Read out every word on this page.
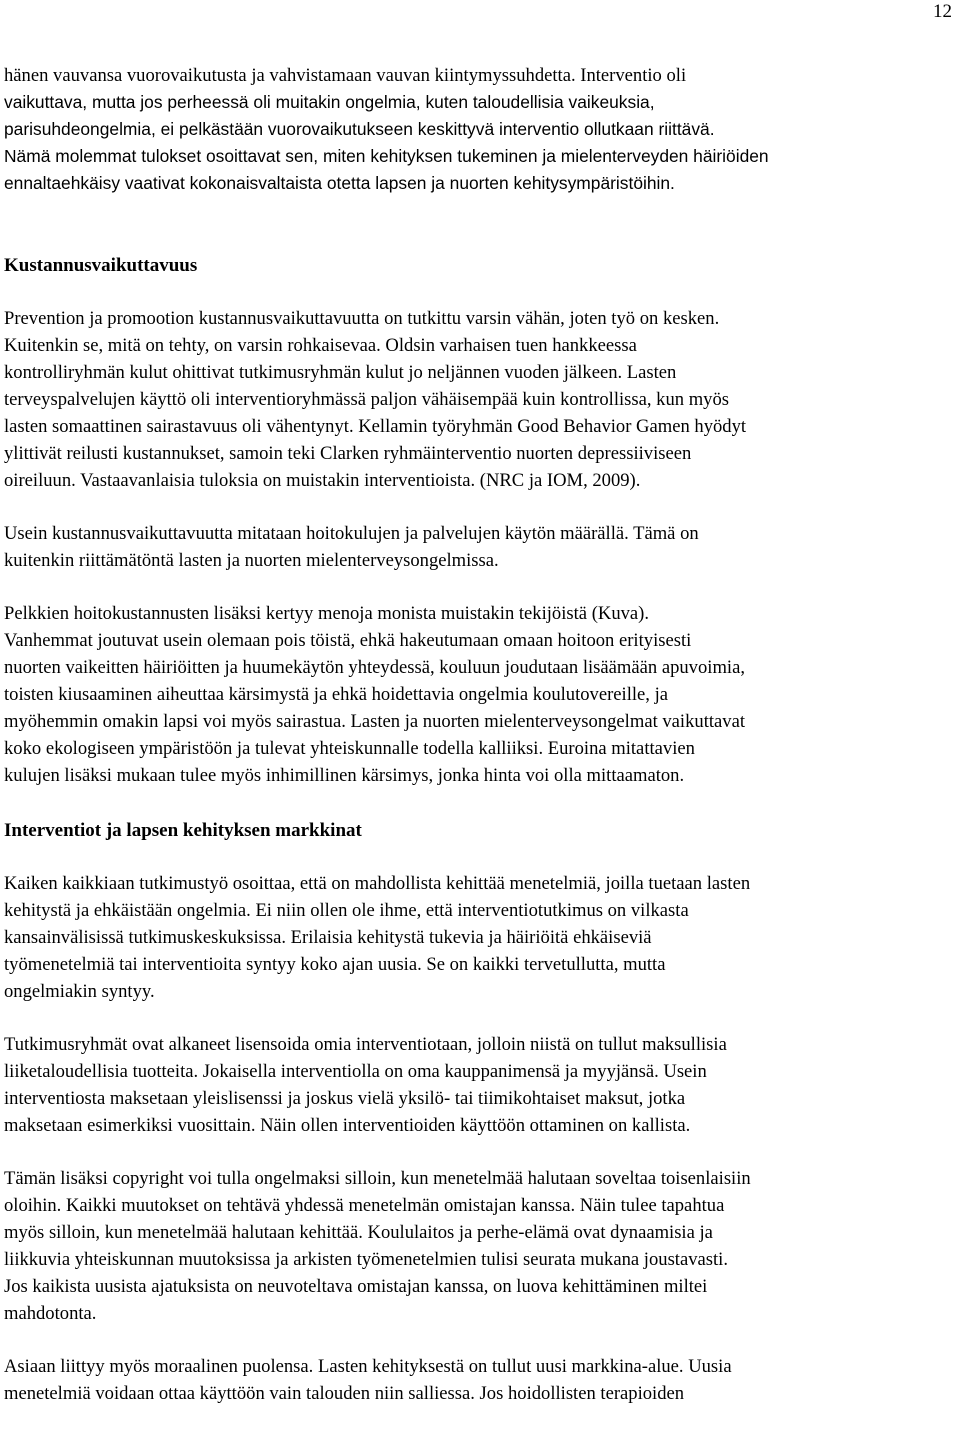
12

hänen vauvansa vuorovaikutusta ja vahvistamaan vauvan kiintymyssuhdetta. Interventio oli
vaikuttava, mutta jos perheessä oli muitakin ongelmia, kuten taloudellisia vaikeuksia,
parisuhdeongelmia, ei pelkästään vuorovaikutukseen keskittyvä interventio ollutkaan riittävä.
Nämä molemmat tulokset osoittavat sen, miten kehityksen tukeminen ja mielenterveyden häiriöiden
ennaltaehkäisy vaativat kokonaisvaltaista otetta lapsen ja nuorten kehitysympäristöihin.

Kustannusvaikuttavuus

Prevention ja promootion kustannusvaikuttavuutta on tutkittu varsin vähän, joten työ on kesken.
Kuitenkin se, mitä on tehty, on varsin rohkaisevaa. Oldsin varhaisen tuen hankkeessa
kontrolliryhmän kulut ohittivat tutkimusryhmän kulut jo neljännen vuoden jälkeen. Lasten
terveyspalvelujen käyttö oli interventioryhmässä paljon vähäisempää kuin kontrollissa, kun myös
lasten somaattinen sairastavuus oli vähentynyt. Kellamin työryhmän Good Behavior Gamen hyödyt
ylittivät reilusti kustannukset, samoin teki Clarken ryhmäinterventio nuorten depressiiviseen
oireiluun. Vastaavanlaisia tuloksia on muistakin interventioista. (NRC ja IOM, 2009).

Usein kustannusvaikuttavuutta mitataan hoitokulujen ja palvelujen käytön määrällä. Tämä on
kuitenkin riittämätöntä lasten ja nuorten mielenterveysongelmissa.

Pelkkien hoitokustannusten lisäksi kertyy menoja monista muistakin tekijöistä (Kuva).
Vanhemmat joutuvat usein olemaan pois töistä, ehkä hakeutumaan omaan hoitoon erityisesti
nuorten vaikeitten häiriöitten ja huumekäytön yhteydessä, kouluun joudutaan lisäämään apuvoimia,
toisten kiusaaminen aiheuttaa kärsimystä ja ehkä hoidettavia ongelmia koulutovereille, ja
myöhemmin omakin lapsi voi myös sairastua. Lasten ja nuorten mielenterveysongelmat vaikuttavat
koko ekologiseen ympäristöön ja tulevat yhteiskunnalle todella kalliiksi. Euroina mitattavien
kulujen lisäksi mukaan tulee myös inhimillinen kärsimys, jonka hinta voi olla mittaamaton.

Interventiot ja lapsen kehityksen markkinat

Kaiken kaikkiaan tutkimustyö osoittaa, että on mahdollista kehittää menetelmiä, joilla tuetaan lasten
kehitystä ja ehkäistään ongelmia. Ei niin ollen ole ihme, että interventiotutkimus on vilkasta
kansainvälisissä tutkimuskeskuksissa. Erilaisia kehitystä tukevia ja häiriöitä ehkäiseviä
työmenetelmiä tai interventioita syntyy koko ajan uusia. Se on kaikki tervetullutta, mutta
ongelmiakin syntyy.

Tutkimusryhmät ovat alkaneet lisensoida omia interventiotaan, jolloin niistä on tullut maksullisia
liiketaloudellisia tuotteita. Jokaisella interventiolla on oma kauppanimensä ja myyjänsä. Usein
interventiosta maksetaan yleislisenssi ja joskus vielä yksilö- tai tiimikohtaiset maksut, jotka
maksetaan esimerkiksi vuosittain. Näin ollen interventioiden käyttöön ottaminen on kallista.

Tämän lisäksi copyright voi tulla ongelmaksi silloin, kun menetelmää halutaan soveltaa toisenlaisiin
oloihin. Kaikki muutokset on tehtävä yhdessä menetelmän omistajan kanssa. Näin tulee tapahtua
myös silloin, kun menetelmää halutaan kehittää. Koululaitos ja perhe-elämä ovat dynaamisia ja
liikkuvia yhteiskunnan muutoksissa ja arkisten työmenetelmien tulisi seurata mukana joustavasti.
Jos kaikista uusista ajatuksista on neuvoteltava omistajan kanssa, on luova kehittäminen miltei
mahdotonta.

Asiaan liittyy myös moraalinen puolensa. Lasten kehityksestä on tullut uusi markkina-alue. Uusia
menetelmiä voidaan ottaa käyttöön vain talouden niin salliessa. Jos hoidollisten terapioiden
